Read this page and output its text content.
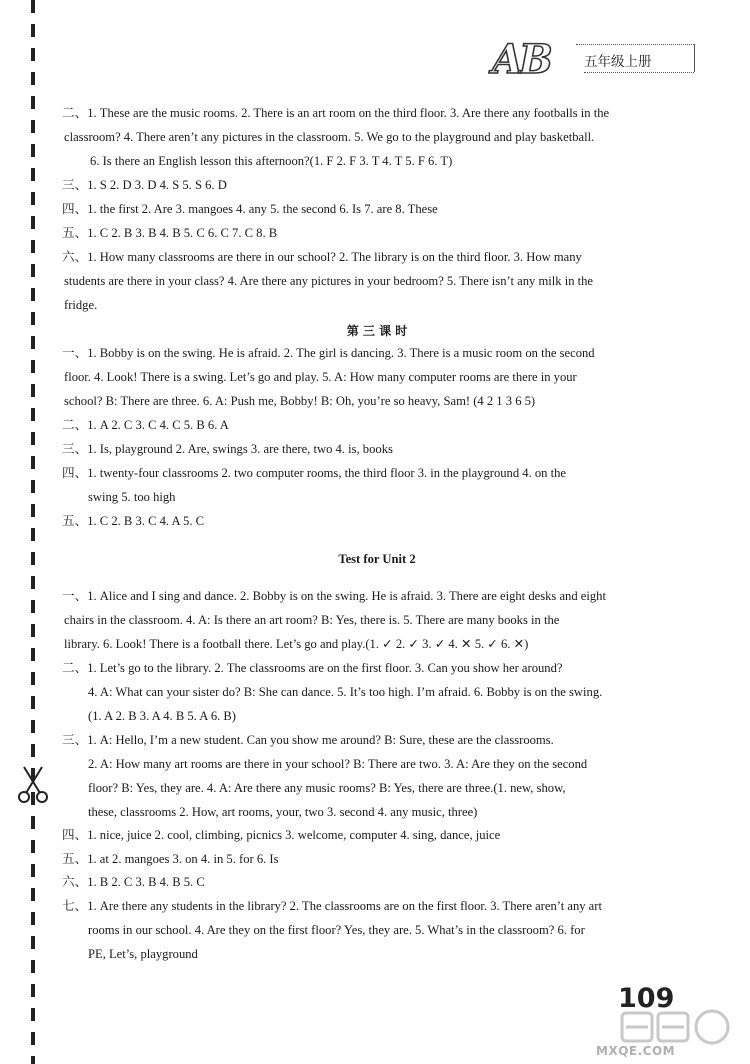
AB	五年级上册
二、1. These are the music rooms. 2. There is an art room on the third floor. 3. Are there any footballs in the
classroom? 4. There aren’t any pictures in the classroom. 5. We go to the playground and play basketball.
6. Is there an English lesson this afternoon?(1. F 2. F 3. T 4. T 5. F 6. T)
三、1. S 2. D 3. D 4. S 5. S 6. D
四、1. the first 2. Are 3. mangoes 4. any 5. the second 6. Is 7. are 8. These
五、1. C 2. B 3. B 4. B 5. C 6. C 7. C 8. B
六、1. How many classrooms are there in our school? 2. The library is on the third floor. 3. How many
students are there in your class? 4. Are there any pictures in your bedroom? 5. There isn’t any milk in the
fridge.
第 三 课 时
一、1. Bobby is on the swing. He is afraid. 2. The girl is dancing. 3. There is a music room on the second
floor. 4. Look! There is a swing. Let’s go and play. 5. A: How many computer rooms are there in your
school? B: There are three. 6. A: Push me, Bobby! B: Oh, you’re so heavy, Sam! (4 2 1 3 6 5)
二、1. A 2. C 3. C 4. C 5. B 6. A
三、1. Is, playground 2. Are, swings 3. are there, two 4. is, books
四、1. twenty-four classrooms 2. two computer rooms, the third floor 3. in the playground 4. on the
swing 5. too high
五、1. C 2. B 3. C 4. A 5. C
Test for Unit 2
一、1. Alice and I sing and dance. 2. Bobby is on the swing. He is afraid. 3. There are eight desks and eight
chairs in the classroom. 4. A: Is there an art room? B: Yes, there is. 5. There are many books in the
library. 6. Look! There is a football there. Let’s go and play.(1. ✓ 2. ✓ 3. ✓ 4. ✕ 5. ✓ 6. ✕)
二、1. Let’s go to the library. 2. The classrooms are on the first floor. 3. Can you show her around?
4. A: What can your sister do? B: She can dance. 5. It’s too high. I’m afraid. 6. Bobby is on the swing.
(1. A 2. B 3. A 4. B 5. A 6. B)
三、1. A: Hello, I’m a new student. Can you show me around? B: Sure, these are the classrooms.
2. A: How many art rooms are there in your school? B: There are two. 3. A: Are they on the second
floor? B: Yes, they are. 4. A: Are there any music rooms? B: Yes, there are three.(1. new, show,
these, classrooms 2. How, art rooms, your, two 3. second 4. any music, three)
四、1. nice, juice 2. cool, climbing, picnics 3. welcome, computer 4. sing, dance, juice
五、1. at 2. mangoes 3. on 4. in 5. for 6. Is
六、1. B 2. C 3. B 4. B 5. C
七、1. Are there any students in the library? 2. The classrooms are on the first floor. 3. There aren’t any art
rooms in our school. 4. Are they on the first floor? Yes, they are. 5. What’s in the classroom? 6. for
PE, Let’s, playground
109
MXQE.COM
